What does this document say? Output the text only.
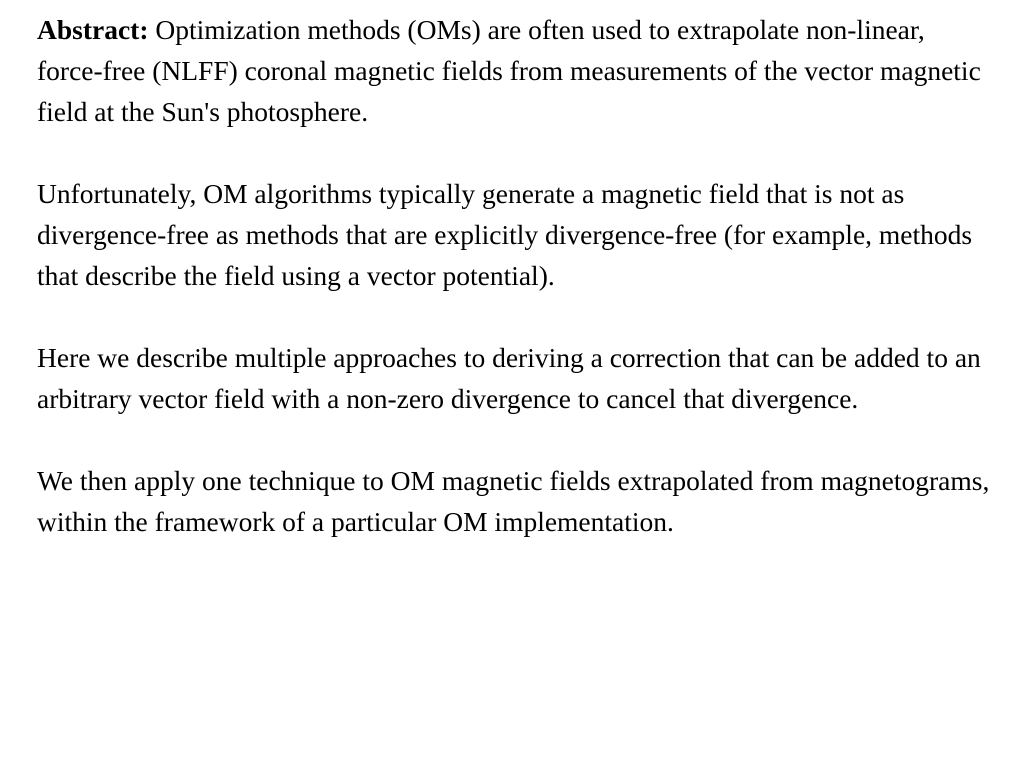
Abstract: Optimization methods (OMs) are often used to extrapolate non-linear, force-free (NLFF) coronal magnetic fields from measurements of the vector magnetic field at the Sun's photosphere.

Unfortunately, OM algorithms typically generate a magnetic field that is not as divergence-free as methods that are explicitly divergence-free (for example, methods that describe the field using a vector potential).

Here we describe multiple approaches to deriving a correction that can be added to an arbitrary vector field with a non-zero divergence to cancel that divergence.

We then apply one technique to OM magnetic fields extrapolated from magnetograms, within the framework of a particular OM implementation.
